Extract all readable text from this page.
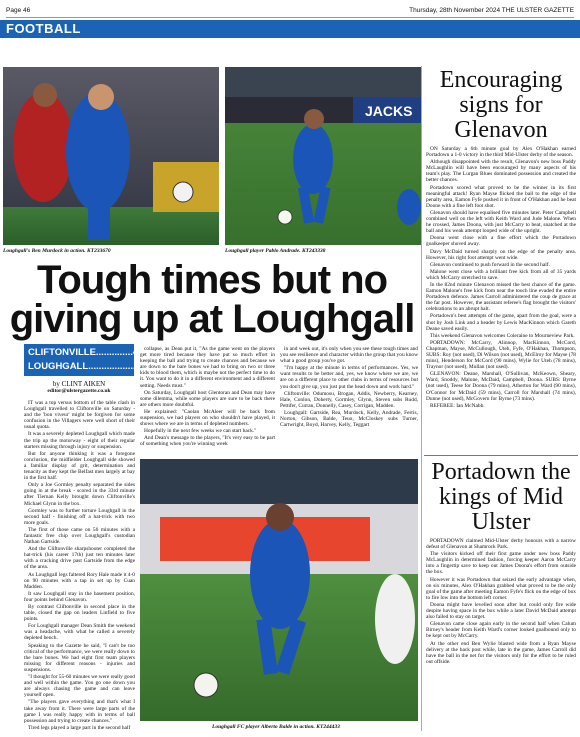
Page 46	Thursday, 28th November 2024 THE ULSTER GAZETTE
FOOTBALL
Loughgall's Ben Murdock in action. KT233670
JACKS
Loughgall player Pablo Andrade. KT243338
Tough times but no giving up at Loughgall
CLIFTONVILLE..............4
LOUGHGALL..................0
by CLINT AIKEN
editor@ulstergazette.co.uk

IT was a top versus bottom of the table clash in Loughgall travelled to Cliftonville on Saturday - and the 'bon viveur' might be forgiven for some confusion in the Villagers were well short of their usual quota.

It was a severely depleted Loughgall which made the trip up the motorway - eight of their regular starters missing through injury or suspension.

But for anyone thinking it was a foregone conclusion, the midfielder Loughgall side showed a familiar display of grit, determination and tenacity as they kept the Belfast men largely at bay in the first half.

Only a Joe Gormley penalty separated the sides going in at the break - scored in the 33rd minute after Tiernan Kelly brought down Cliftonville's Michael Glynn in the box.

Gormley was to further torture Loughgall in the second half - finishing off a hat-trick with two more goals.

The first of those came on 56 minutes with a fantastic free chip over Loughgall's custodian Nathan Gartside.

And the Cliftonville sharpshooter completed the hat-trick (his career 17th) just ten minutes later with a cracking drive past Gartside from the edge of the area.

As Loughgall legs faltered Rory Hale made it 4-0 on 90 minutes with a tap in set up by Cuan Madden.

It saw Loughgall stay in the basement position, four points behind Glenavon.

By contrast Cliftonville in second place in the table, closed the gap on leaders Linfield to five points.

For Loughgall manager Dean Smith the weekend was a headache, with what he called a severely depleted bench.

Speaking to the Gazette he said, "I can't be too critical of the performance, we were really down to the bare bones. We had eight first team players missing for different reasons - injuries and suspensions.

"I thought for 55-60 minutes we were really good and well within the game. You go one down you are always chasing the game and can leave yourself open.

"The players gave everything and that's what I take away from it. There were large parts of the game I was really happy with in terms of ball possession and trying to create chances."

Tired legs played a large part in the second half

collapse, as Dean put it, "As the game went on the players get more tired because they have put so much effort in keeping the ball and trying to create chances and because we are down to the bare bones we had to bring on two or three kids to blood them, which is maybe not the perfect time to do it. You want to do it in a different environment and a different setting. Needs must."

On Saturday, Loughgall host Glentoran and Dean may have some dilemma, while some players are sure to be back there are others more doubtful.

He explained: "Caolan McAleer will be back from suspension, we had players on who shouldn't have played, it shows where we are in terms of depleted numbers.

Hopefully in the next few weeks we can start back."

And Dean's message to the players, "It's very easy to be part of something when you're winning week

in and week out, it's only when you see these tough times and you see resilience and character within the group that you know what a good group you've got.

"I'm happy at the minute in terms of performances. Yes, we want results to be better and, yes, we know where we are, we are on a different place to other clubs in terms of resources but you don't give up, you just put the head down and work hard."

Cliftonville: Odumosu, Brogan, Addis, Newberry, Kearney, Hale, Conlon, Doherty, Gormley, Glynn, Steven subs Rudd, Pettifer, Curran, Donnelly, Casey, Corrigan, Madden.

Loughgall: Gartside, Rea, Murdock, Kelly, Andrade, Ferris, Norton, Gibson, Balde, Teuo, McCloskey subs Turner, Cartwright, Boyd, Harvey, Kelly, Teggart

Loughgall FC player Alberto Balde in action. KT244433
Encouraging signs for Glenavon

ON Saturday a 6th minute goal by Alex O'Hakhan earned Portadown a 1-0 victory in the third Mid-Ulster derby of the season.

Although disappointed with the result, Glenavon's new boss Paddy McLaughlin will have been encouraged by many aspects of his team's play. The Lurgan Blues dominated possession and created the better chances.

Portadown scored what proved to be the winner in its first meaningful attack! Ryan Mayse flicked the ball to the edge of the penalty area, Eamon Fyfe pushed it in front of O'Hakhan and he beat Doone with a fine left foot shot.

Glenavon should have equalised five minutes later. Peter Campbell combined well on the left with Keith Ward and Jude Malone. When he crossed, James Doona, with just McCarry to beat, snatched at the ball and his weak attempt looped wide of the upright.

Doona went close with a fine effort which the Portadown goalkeeper shoved away.

Davy McDaid turned sharply on the edge of the penalty area. However, his right foot attempt went wide.

Glenavon continued to push forward in the second half.

Malone went close with a brilliant free kick from all of 35 yards which McCarry stretched to save.

In the 82nd minute Glenavon missed the best chance of the game. Eamon Malone's free kick from near the touch line evaded the entire Portadown defence. James Carroll administered the coup de grace at the far post. However, the assistant referee's flag brought the visitors' celebrations to an abrupt halt.

Portadown's best attempts of the game, apart from the goal, were a shot by Josh Link and a header by Lewis MacKinnon which Gareth Deane saved easily.

This weekend Glenavon welcomes Coleraine to Mourneview Park.

PORTADOWN: McCarry, Alinnop, MacKinnon, McCord, Chapman, Mayse, McCullough, Uteh, Fyfe, O'Hakhan, Thompson, SUBS: Roy (not used), Di Wilson (not used), McElroy for Mayse (78 mins), Henderson for McCord (90 mins), Wylie for Uteh (78 mins), Traynor (not used), Mullan (not used).

GLENAVON: Deane, Marshall, O'Sullivan, McKeown, Sheary, Ward, Snoddy, Malone, McDaid, Campbell, Doona. SUBS: Byrne (not used), Teese for Doona (79 mins), Atherton for Ward (90 mins), O'Connor for McDaid (59 mins), Carroll for Marshall (74 mins), Dunne (not used), McGovern for Byrne (73 mins).

REFEREE: Ian McNabb.

Portadown the kings of Mid Ulster

PORTADOWN claimed Mid-Ulster derby honours with a narrow defeat of Glenavon at Shamrock Park.

The visitors kicked off their first game under new boss Paddy McLaughlin in determined fashion, forcing keeper Aaron McCarry into a fingertip save to keep out James Doona's effort from outside the box.

However it was Portadown that seized the early advantage when, on six minutes, Alex O'Hakhan grabbed what proved to be the only goal of the game after meeting Eamon Fyfe's flick on the edge of box to fire low into the bottom left corner.

Doona might have levelled soon after but could only fire wide despite having space in the box while a later David McDaid attempt also failed to stay on target.

Glenavon came close again early in the second half when Calum Birney's header from Keith Ward's corner looked goalbound only to be kept out by McCarry.

At the other end Ben Wylie blasted wide from a Ryan Mayse delivery at the back post while, late in the game, James Carroll did have the ball in the net for the visitors only for the effort to be ruled out offside.
